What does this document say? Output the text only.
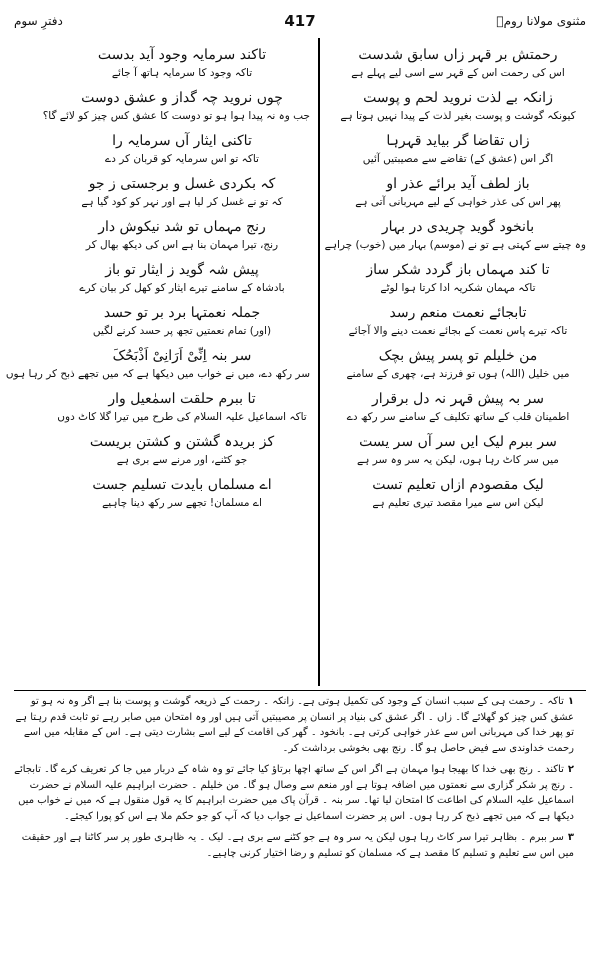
مثنوی مولانا رومؒ
417
دفترِ سوم
رحمتش بر قہر زاں سابق شدست
اس کی رحمت اس کے قہر سے اسی لیے پہلے ہے
زانکہ بے لذت نروید لحم و پوست
کیونکہ گوشت و پوست بغیر لذت کے پیدا نہیں ہوتا ہے
زاں تقاضا گر بیاید قہرہا
اگر اس (عشق کے) تقاضے سے مصیبتیں آئیں
باز لطف آید برائے عذر او
پھر اس کی عذر خواہی کے لیے مہربانی آتی ہے
بانخود گوید چریدی در بہار
وہ چیتے سے کہتی ہے تو نے (موسم) بہار میں (خوب) چراہے
تا کند مہماں باز گردد شکر ساز
تاکہ مہمان شکریہ ادا کرتا ہوا لوٹے
تابجائے نعمت منعم رسد
تاکہ تیرے پاس نعمت کے بجائے نعمت دینے والا آجائے
من خلیلم تو پسر پیش بچک
میں خلیل (اللہ) ہوں تو فرزند ہے، چھری کے سامنے
سر بہ پیش قہر نہ دل برقرار
اطمینان قلب کے ساتھ تکلیف کے سامنے سر رکھ دے
سر ببرم لیک ایں سر آں سر یست
میں سر کاٹ رہا ہوں، لیکن یہ سر وہ سر ہے
لیک مقصودم ازاں تعلیم تست
لیکن اس سے میرا مقصد تیری تعلیم ہے
تاکند سرمایہ وجود آید بدست
تاکہ وجود کا سرمایہ ہاتھ آ جائے
چوں نروید چہ گداز و عشق دوست
جب وہ نہ پیدا ہوا ہو تو دوست کا عشق کس چیز کو لائے گا؟
تاکنی ایثار آں سرمایہ را
تاکہ تو اس سرمایہ کو قربان کر دے
کہ بکردی غسل و برجستی ز جو
کہ تو نے غسل کر لیا ہے اور نہر کو کود گیا ہے
رنج مہماں تو شد نیکوش دار
رنج، تیرا مہمان بنا ہے اس کی دیکھ بھال کر
پیش شہ گوید ز ایثار تو باز
بادشاہ کے سامنے تیرے ایثار کو کھل کر بیان کرے
جملہ نعمتہا برد بر تو حسد
(اور) تمام نعمتیں تجھ پر حسد کرنے لگیں
سر بنہ اِنِّیْ اَرَانِیْ اَذْبَحُکَ
سر رکھ دے، میں نے خواب میں دیکھا ہے کہ میں تجھے ذبح کر رہا ہوں
تا ببرم حلقت اسمٰعیل وار
تاکہ اسماعیل علیہ السلام کی طرح میں تیرا گلا کاٹ دوں
کز بریدہ گشتن و کشتن بریست
جو کٹنے، اور مرنے سے بری ہے
اے مسلماں بایدت تسلیم جست
اے مسلمان! تجھے سر رکھ دینا چاہیے
۱تاکہ ۔ رحمت ہی کے سبب انسان کے وجود کی تکمیل ہوتی ہے۔ زانکہ ۔ رحمت کے ذریعہ گوشت و پوست بنا ہے اگر وہ نہ ہو تو عشق کس چیز کو گھلائے گا۔ زاں ۔ اگر عشق کی بنیاد پر انسان پر مصیبتیں آتی ہیں اور وہ امتحان میں صابر رہے تو ثابت قدم رہتا ہے تو پھر خدا کی مہربانی اس سے عذر خواہی کرتی ہے۔ بانخود ۔ گھر کی اقامت کے لیے اسے بشارت دیتی ہے۔ اس کے مقابلہ میں اسے رحمت خداوندی سے فیض حاصل ہو گا۔ رنج بھی بخوشی برداشت کر۔
۲تاکند ۔ رنج بھی خدا کا بھیجا ہوا مہمان ہے اگر اس کے ساتھ اچھا برتاؤ کیا جائے تو وہ شاہ کے دربار میں جا کر تعریف کرے گا۔ تابجائے ۔ رنج پر شکر گزاری سے نعمتوں میں اضافہ ہوتا ہے اور منعم سے وصال ہو گا۔ من خلیلم ۔ حضرت ابراہیم علیہ السلام نے حضرت اسماعیل علیہ السلام کی اطاعت کا امتحان لیا تھا۔ سر بنہ ۔ قرآن پاک میں حضرت ابراہیم کا یہ قول منقول ہے کہ میں نے خواب میں دیکھا ہے کہ میں تجھے ذبح کر رہا ہوں۔ اس پر حضرت اسماعیل نے جواب دیا کہ آپ کو جو حکم ملا ہے اس کو پورا کیجئے۔
۳سر ببرم ۔ بظاہر تیرا سر کاٹ رہا ہوں لیکن یہ سر وہ ہے جو کٹنے سے بری ہے۔ لیک ۔ یہ ظاہری طور پر سر کاٹنا ہے اور حقیقت میں اس سے تعلیم و تسلیم کا مقصد ہے کہ مسلمان کو تسلیم و رضا اختیار کرنی چاہیے۔
